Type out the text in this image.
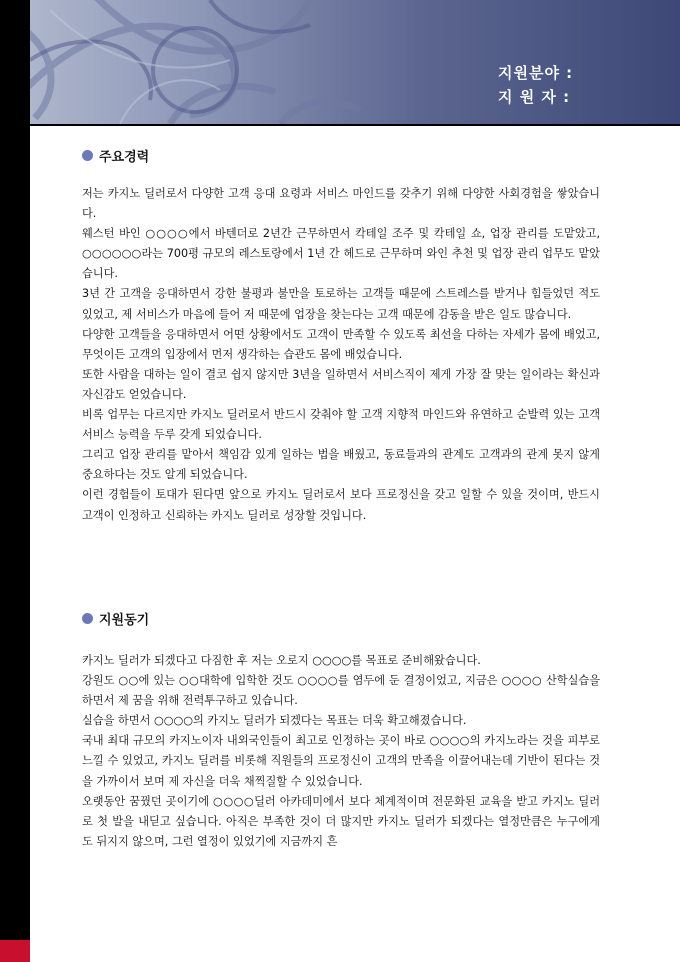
지원분야 :
지 원 자 :
주요경력

저는 카지노 딜러로서 다양한 고객 응대 요령과 서비스 마인드를 갖추기 위해 다양한 사회경험을 쌓았습니다.

웨스턴 바인 ○○○○에서 바텐더로 2년간 근무하면서 칵테일 조주 및 칵테일 쇼, 업장 관리를 도맡았고, ○○○○○○라는 700평 규모의 레스토랑에서 1년 간 헤드로 근무하며 와인 추천 및 업장 관리 업무도 맡았습니다.

3년 간 고객을 응대하면서 강한 불평과 불만을 토로하는 고객들 때문에 스트레스를 받거나 힘들었던 적도 있었고, 제 서비스가 마음에 들어 저 때문에 업장을 찾는다는 고객 때문에 감동을 받은 일도 많습니다.

다양한 고객들을 응대하면서 어떤 상황에서도 고객이 만족할 수 있도록 최선을 다하는 자세가 몸에 배었고, 무엇이든 고객의 입장에서 먼저 생각하는 습관도 몸에 배었습니다.

또한 사람을 대하는 일이 결코 쉽지 않지만 3년을 일하면서 서비스직이 제게 가장 잘 맞는 일이라는 확신과 자신감도 얻었습니다.

비록 업무는 다르지만 카지노 딜러로서 반드시 갖춰야 할 고객 지향적 마인드와 유연하고 순발력 있는 고객 서비스 능력을 두루 갖게 되었습니다.

그리고 업장 관리를 맡아서 책임감 있게 일하는 법을 배웠고, 동료들과의 관계도 고객과의 관계 못지 않게 중요하다는 것도 알게 되었습니다.

이런 경험들이 토대가 된다면 앞으로 카지노 딜러로서 보다 프로정신을 갖고 일할 수 있을 것이며, 반드시 고객이 인정하고 신뢰하는 카지노 딜러로 성장할 것입니다.

지원동기

카지노 딜러가 되겠다고 다짐한 후 저는 오로지 ○○○○를 목표로 준비해왔습니다.

강원도 ○○에 있는 ○○대학에 입학한 것도 ○○○○를 염두에 둔 결정이었고, 지금은 ○○○○ 산학실습을 하면서 제 꿈을 위해 전력투구하고 있습니다.

실습을 하면서 ○○○○의 카지노 딜러가 되겠다는 목표는 더욱 확고해졌습니다.

국내 최대 규모의 카지노이자 내외국인들이 최고로 인정하는 곳이 바로 ○○○○의 카지노라는 것을 피부로 느낄 수 있었고, 카지노 딜러를 비롯해 직원들의 프로정신이 고객의 만족을 이끌어내는데 기반이 된다는 것을 가까이서 보며 제 자신을 더욱 채찍질할 수 있었습니다.

오랫동안 꿈꿨던 곳이기에 ○○○○딜러 아카데미에서 보다 체계적이며 전문화된 교육을 받고 카지노 딜러로 첫 발을 내딛고 싶습니다. 아직은 부족한 것이 더 많지만 카지노 딜러가 되겠다는 열정만큼은 누구에게도 뒤지지 않으며, 그런 열정이 있었기에 지금까지 흔
